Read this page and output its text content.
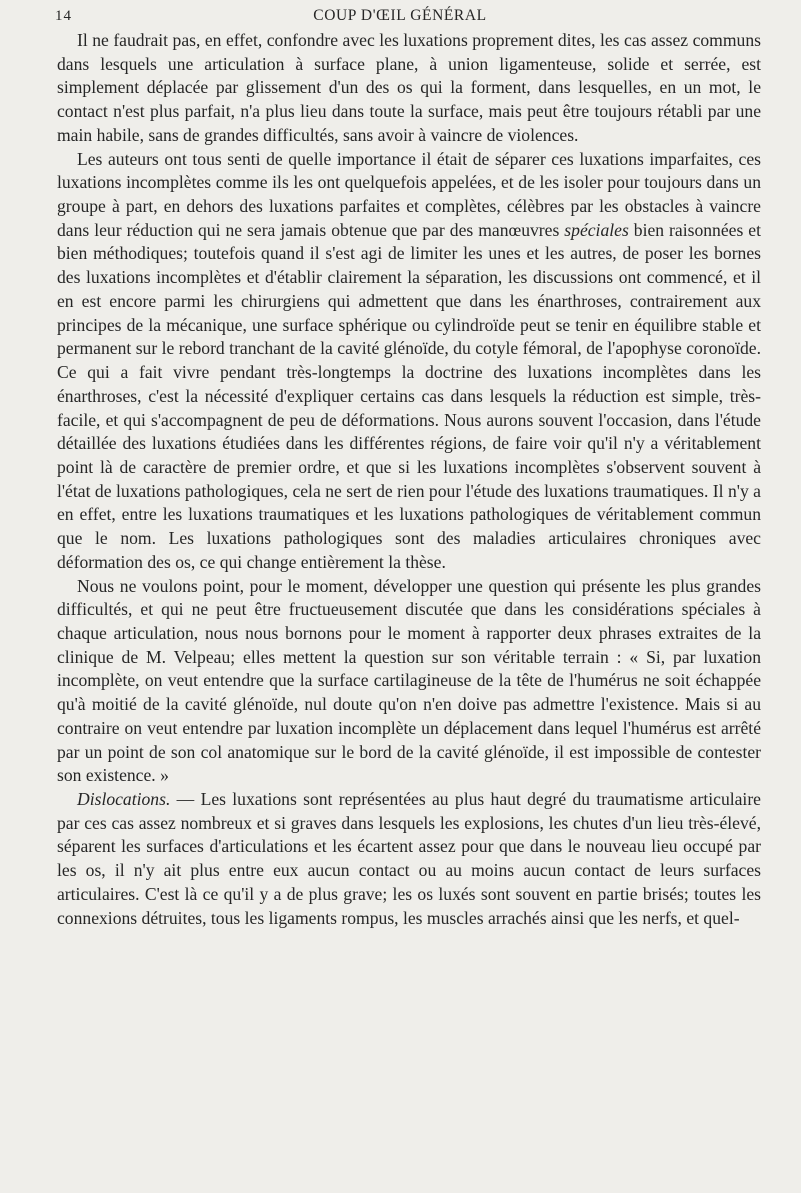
14	COUP D'ŒIL GÉNÉRAL

Il ne faudrait pas, en effet, confondre avec les luxations proprement dites, les cas assez communs dans lesquels une articulation à surface plane, à union ligamenteuse, solide et serrée, est simplement déplacée par glissement d'un des os qui la forment, dans lesquelles, en un mot, le contact n'est plus parfait, n'a plus lieu dans toute la surface, mais peut être toujours rétabli par une main habile, sans de grandes difficultés, sans avoir à vaincre de violences.

Les auteurs ont tous senti de quelle importance il était de séparer ces luxations imparfaites, ces luxations incomplètes comme ils les ont quelquefois appelées, et de les isoler pour toujours dans un groupe à part, en dehors des luxations parfaites et complètes, célèbres par les obstacles à vaincre dans leur réduction qui ne sera jamais obtenue que par des manœuvres spéciales bien raisonnées et bien méthodiques; toutefois quand il s'est agi de limiter les unes et les autres, de poser les bornes des luxations incomplètes et d'établir clairement la séparation, les discussions ont commencé, et il en est encore parmi les chirurgiens qui admettent que dans les énarthroses, contrairement aux principes de la mécanique, une surface sphérique ou cylindroïde peut se tenir en équilibre stable et permanent sur le rebord tranchant de la cavité glénoïde, du cotyle fémoral, de l'apophyse coronoïde. Ce qui a fait vivre pendant très-longtemps la doctrine des luxations incomplètes dans les énarthroses, c'est la nécessité d'expliquer certains cas dans lesquels la réduction est simple, très-facile, et qui s'accompagnent de peu de déformations. Nous aurons souvent l'occasion, dans l'étude détaillée des luxations étudiées dans les différentes régions, de faire voir qu'il n'y a véritablement point là de caractère de premier ordre, et que si les luxations incomplètes s'observent souvent à l'état de luxations pathologiques, cela ne sert de rien pour l'étude des luxations traumatiques. Il n'y a en effet, entre les luxations traumatiques et les luxations pathologiques de véritablement commun que le nom. Les luxations pathologiques sont des maladies articulaires chroniques avec déformation des os, ce qui change entièrement la thèse.

Nous ne voulons point, pour le moment, développer une question qui présente les plus grandes difficultés, et qui ne peut être fructueusement discutée que dans les considérations spéciales à chaque articulation, nous nous bornons pour le moment à rapporter deux phrases extraites de la clinique de M. Velpeau; elles mettent la question sur son véritable terrain : « Si, par luxation incomplète, on veut entendre que la surface cartilagineuse de la tête de l'humérus ne soit échappée qu'à moitié de la cavité glénoïde, nul doute qu'on n'en doive pas admettre l'existence. Mais si au contraire on veut entendre par luxation incomplète un déplacement dans lequel l'humérus est arrêté par un point de son col anatomique sur le bord de la cavité glénoïde, il est impossible de contester son existence. »

Dislocations. — Les luxations sont représentées au plus haut degré du traumatisme articulaire par ces cas assez nombreux et si graves dans lesquels les explosions, les chutes d'un lieu très-élevé, séparent les surfaces d'articulations et les écartent assez pour que dans le nouveau lieu occupé par les os, il n'y ait plus entre eux aucun contact ou au moins aucun contact de leurs surfaces articulaires. C'est là ce qu'il y a de plus grave; les os luxés sont souvent en partie brisés; toutes les connexions détruites, tous les ligaments rompus, les muscles arrachés ainsi que les nerfs, et quel-
